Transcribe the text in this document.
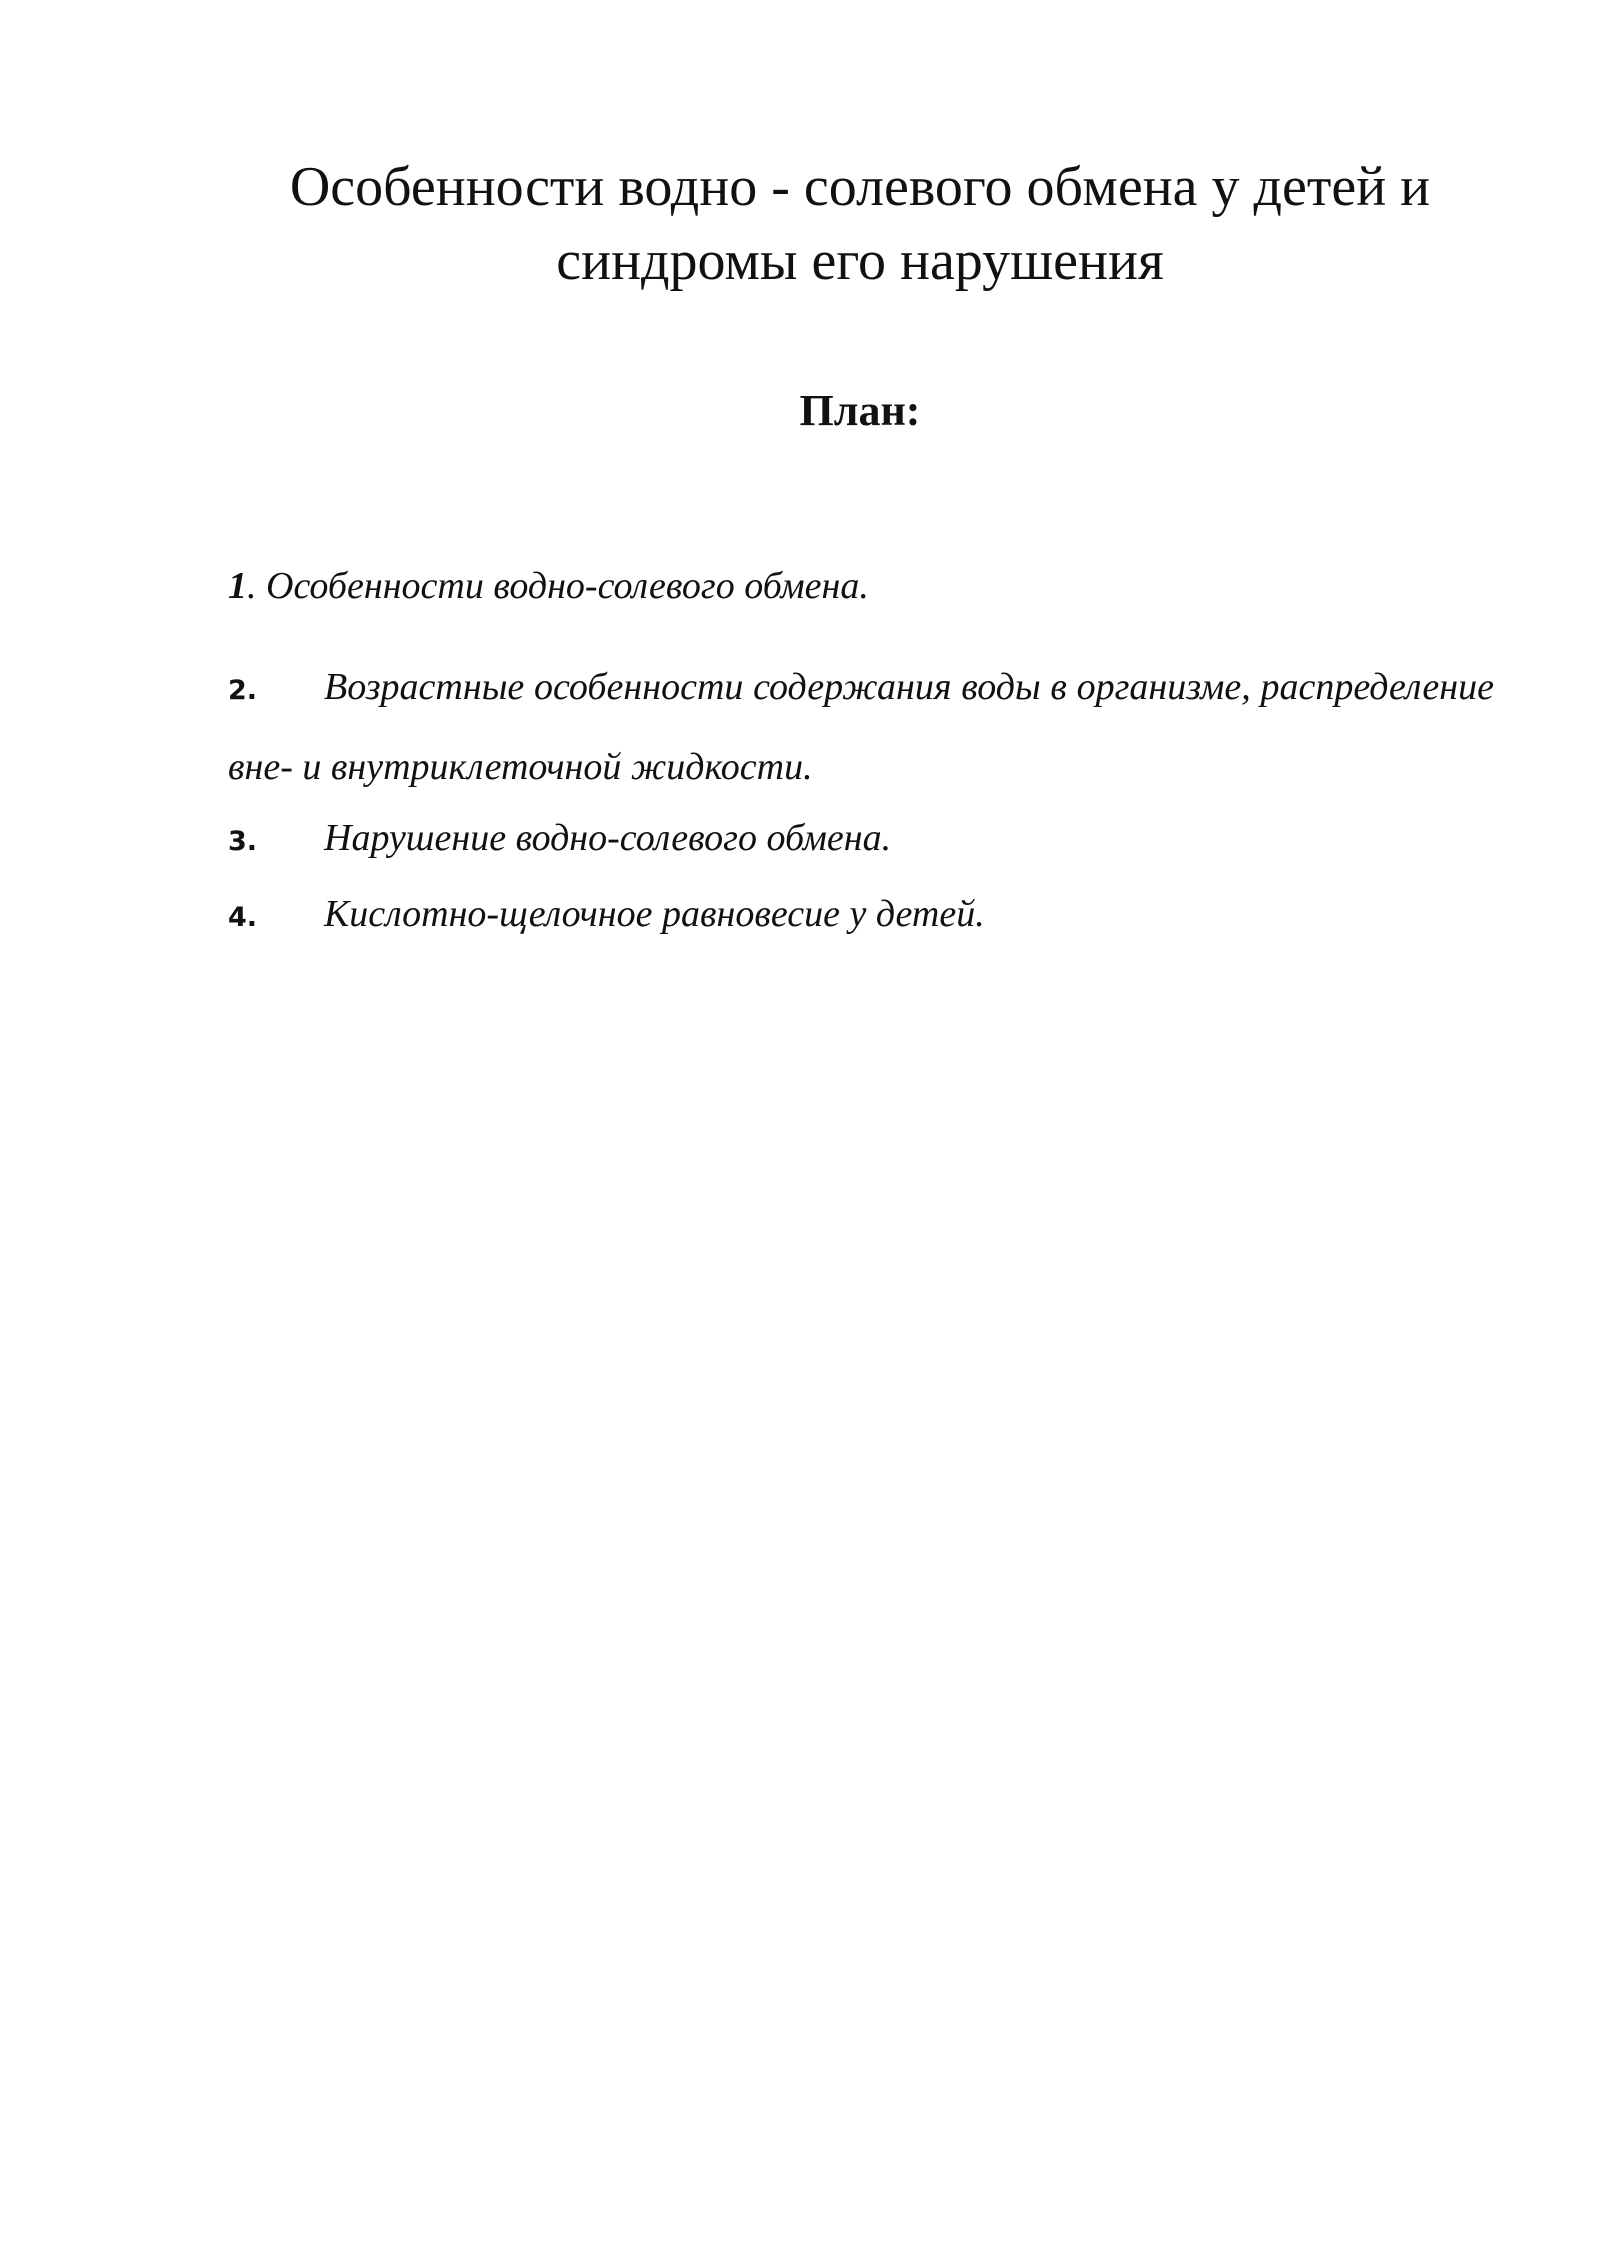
Особенности водно - солевого обмена у детей и
синдромы его нарушения
План:

1. Особенности водно-солевого обмена.

2. Возрастные особенности содержания воды в организме, распределение вне- и внутриклеточной жидкости.

3. Нарушение водно-солевого обмена.

4. Кислотно-щелочное равновесие у детей.
